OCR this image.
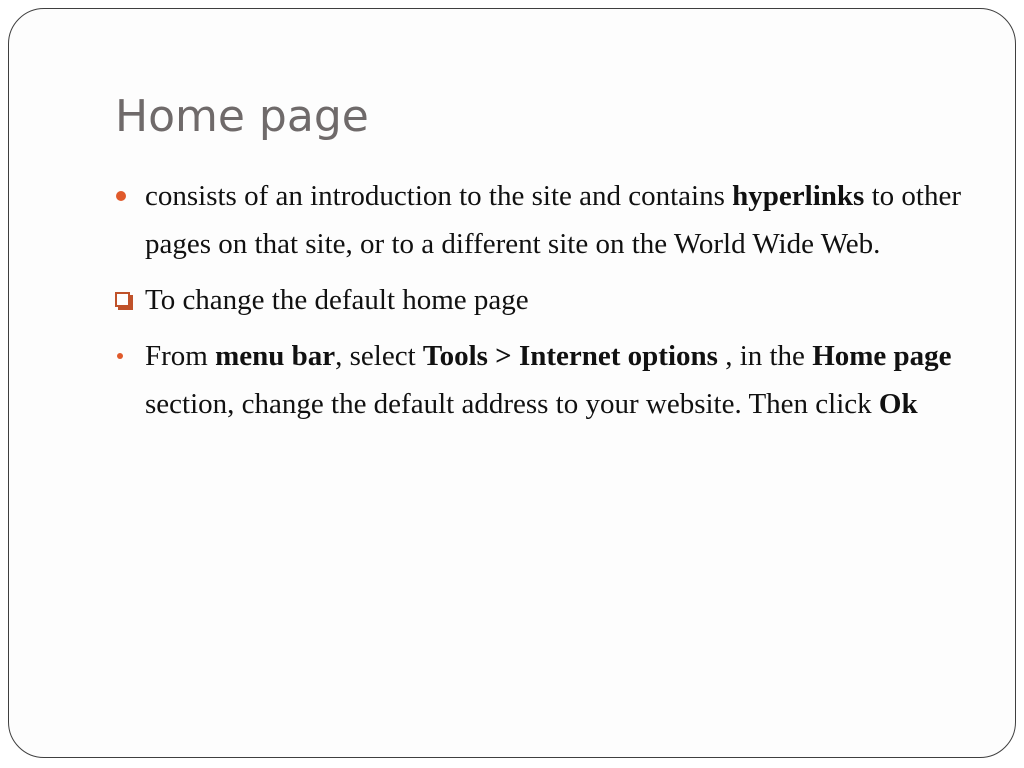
Home page
consists of an introduction to the site and contains hyperlinks to other pages on that site, or to a different site on the World Wide Web.
To change the default home page
From menu bar, select Tools > Internet options , in the Home page section, change the default address to your website. Then click Ok
